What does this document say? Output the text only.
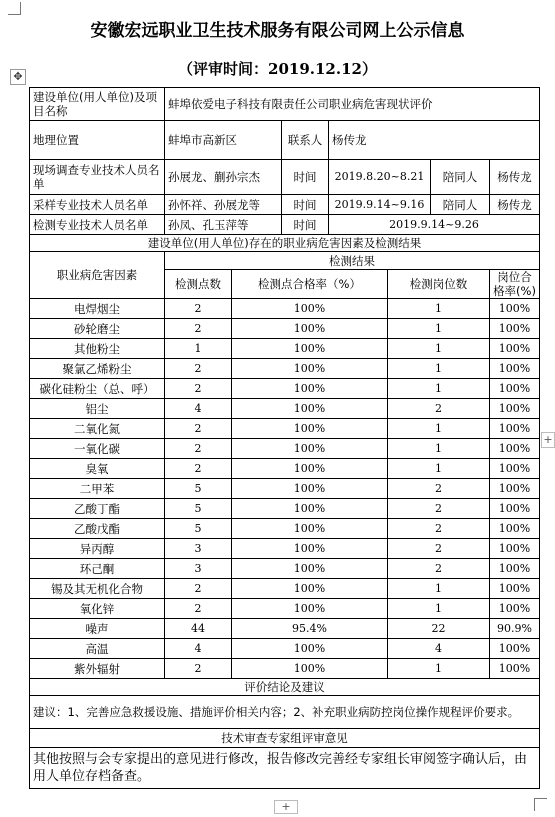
安徽宏远职业卫生技术服务有限公司网上公示信息
（评审时间：2019.12.12）
✥
+
+
建设单位(用人单位)及项目名称	蚌埠依爱电子科技有限责任公司职业病危害现状评价						
地理位置	蚌埠市高新区		联系人	杨传龙			
现场调查专业技术人员名单	孙展龙、蒯孙宗杰		时间	2019.8.20~8.21		陪同人	杨传龙
采样专业技术人员名单	孙怀祥、孙展龙等		时间	2019.9.14~9.16		陪同人	杨传龙
检测专业技术人员名单	孙凤、孔玉萍等		时间	2019.9.14~9.26			
建设单位(用人单位)存在的职业病危害因素及检测结果							
职业病危害因素	检测结果						
	检测点数	检测点合格率（%）			检测岗位数		岗位合格率(%)
电焊烟尘	2	100%			1		100%
砂轮磨尘	2	100%			1		100%
其他粉尘	1	100%			1		100%
聚氯乙烯粉尘	2	100%			1		100%
碳化硅粉尘（总、呼）	2	100%			1		100%
铝尘	4	100%			2		100%
二氧化氮	2	100%			1		100%
一氧化碳	2	100%			1		100%
臭氧	2	100%			1		100%
二甲苯	5	100%			2		100%
乙酸丁酯	5	100%			2		100%
乙酸戊酯	5	100%			2		100%
异丙醇	3	100%			2		100%
环己酮	3	100%			2		100%
锡及其无机化合物	2	100%			1		100%
氧化锌	2	100%			1		100%
噪声	44	95.4%			22		90.9%
高温	4	100%			4		100%
紫外辐射	2	100%			1		100%
评价结论及建议							
建议：1、完善应急救援设施、措施评价相关内容；2、补充职业病防控岗位操作规程评价要求。							
技术审查专家组评审意见							
其他按照与会专家提出的意见进行修改，报告修改完善经专家组长审阅签字确认后，由用人单位存档备查。							
